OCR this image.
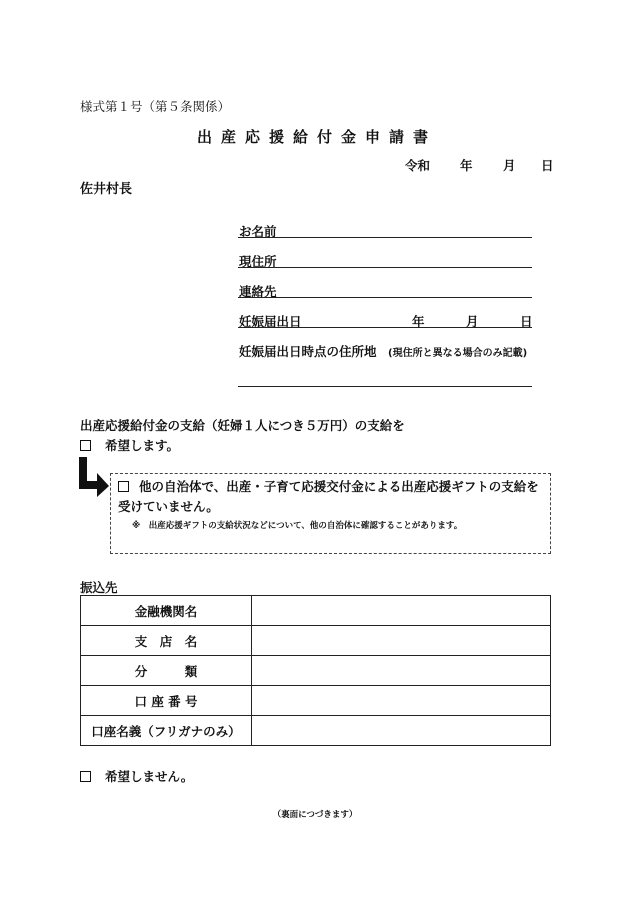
様式第１号（第５条関係）
出産応援給付金申請書
令和 年 月 日
佐井村長
お名前
現住所
連絡先
妊娠届出日	年	月	日
妊娠届出日時点の住所地 (現住所と異なる場合のみ記載)
出産応援給付金の支給（妊婦１人につき５万円）の支給を
希望します。
他の自治体で、出産・子育て応援交付金による出産応援ギフトの支給を受けていません。
※　出産応援ギフトの支給状況などについて、他の自治体に確認することがあります。
振込先
金融機関名	
支　店　名	
分　　　類	
口 座 番 号	
口座名義（フリガナのみ）	
希望しません。
（裏面につづきます）
